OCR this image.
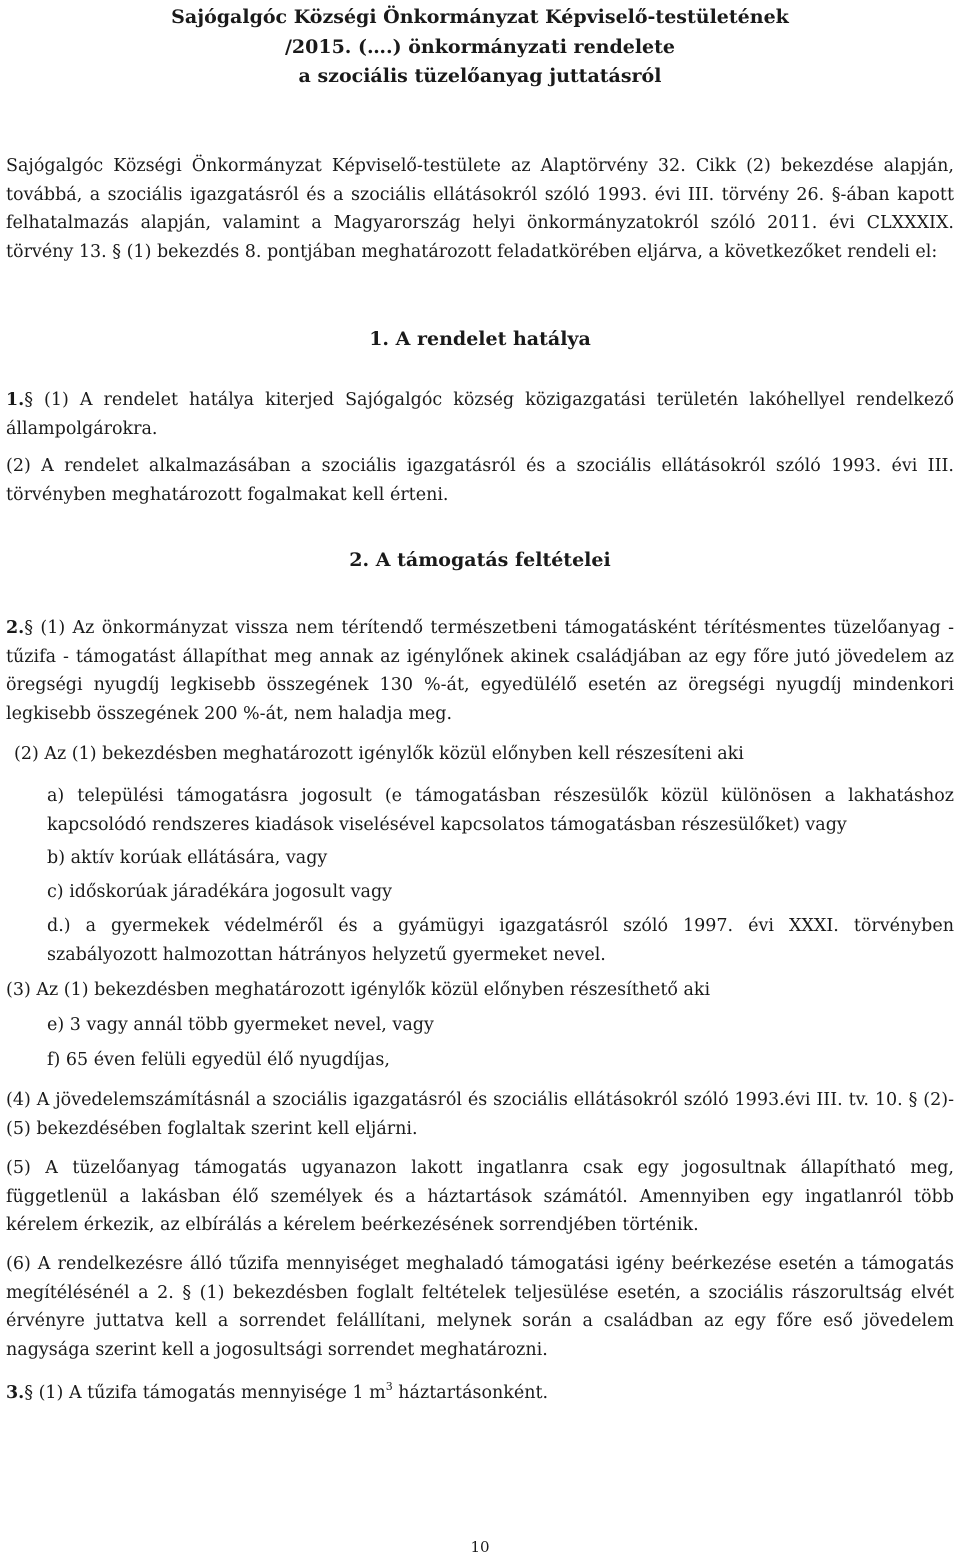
Sajógalgóc Községi Önkormányzat Képviselő-testületének
/2015. (….) önkormányzati rendelete
a szociális tüzelőanyag juttatásról

Sajógalgóc Községi Önkormányzat Képviselő-testülete az Alaptörvény 32. Cikk (2) bekezdése alapján, továbbá, a szociális igazgatásról és a szociális ellátásokról szóló 1993. évi III. törvény 26. §-ában kapott felhatalmazás alapján, valamint a Magyarország helyi önkormányzatokról szóló 2011. évi CLXXXIX. törvény 13. § (1) bekezdés 8. pontjában meghatározott feladatkörében eljárva, a következőket rendeli el:

1. A rendelet hatálya

1.§ (1) A rendelet hatálya kiterjed Sajógalgóc község közigazgatási területén lakóhellyel rendelkező állampolgárokra.

(2) A rendelet alkalmazásában a szociális igazgatásról és a szociális ellátásokról szóló 1993. évi III. törvényben meghatározott fogalmakat kell érteni.

2. A támogatás feltételei

2.§ (1) Az önkormányzat vissza nem térítendő természetbeni támogatásként térítésmentes tüzelőanyag - tűzifa - támogatást állapíthat meg annak az igénylőnek akinek családjában az egy főre jutó jövedelem az öregségi nyugdíj legkisebb összegének 130 %-át, egyedülélő esetén az öregségi nyugdíj mindenkori legkisebb összegének 200 %-át, nem haladja meg.

(2) Az (1) bekezdésben meghatározott igénylők közül előnyben kell részesíteni aki

a) települési támogatásra jogosult (e támogatásban részesülők közül különösen a lakhatáshoz kapcsolódó rendszeres kiadások viselésével kapcsolatos támogatásban részesülőket) vagy

b) aktív korúak ellátására, vagy

c) időskorúak járadékára jogosult vagy

d.) a gyermekek védelméről és a gyámügyi igazgatásról szóló 1997. évi XXXI. törvényben szabályozott halmozottan hátrányos helyzetű gyermeket nevel.

(3) Az (1) bekezdésben meghatározott igénylők közül előnyben részesíthető aki

e) 3 vagy annál több gyermeket nevel, vagy

f) 65 éven felüli egyedül élő nyugdíjas,

(4) A jövedelemszámításnál a szociális igazgatásról és szociális ellátásokról szóló 1993.évi III. tv. 10. § (2)-(5) bekezdésében foglaltak szerint kell eljárni.

(5) A tüzelőanyag támogatás ugyanazon lakott ingatlanra csak egy jogosultnak állapítható meg, függetlenül a lakásban élő személyek és a háztartások számától. Amennyiben egy ingatlanról több kérelem érkezik, az elbírálás a kérelem beérkezésének sorrendjében történik.

(6) A rendelkezésre álló tűzifa mennyiséget meghaladó támogatási igény beérkezése esetén a támogatás megítélésénél a 2. § (1) bekezdésben foglalt feltételek teljesülése esetén, a szociális rászorultság elvét érvényre juttatva kell a sorrendet felállítani, melynek során a családban az egy főre eső jövedelem nagysága szerint kell a jogosultsági sorrendet meghatározni.

3.§ (1) A tűzifa támogatás mennyisége 1 $m^3$ háztartásonként.

10
